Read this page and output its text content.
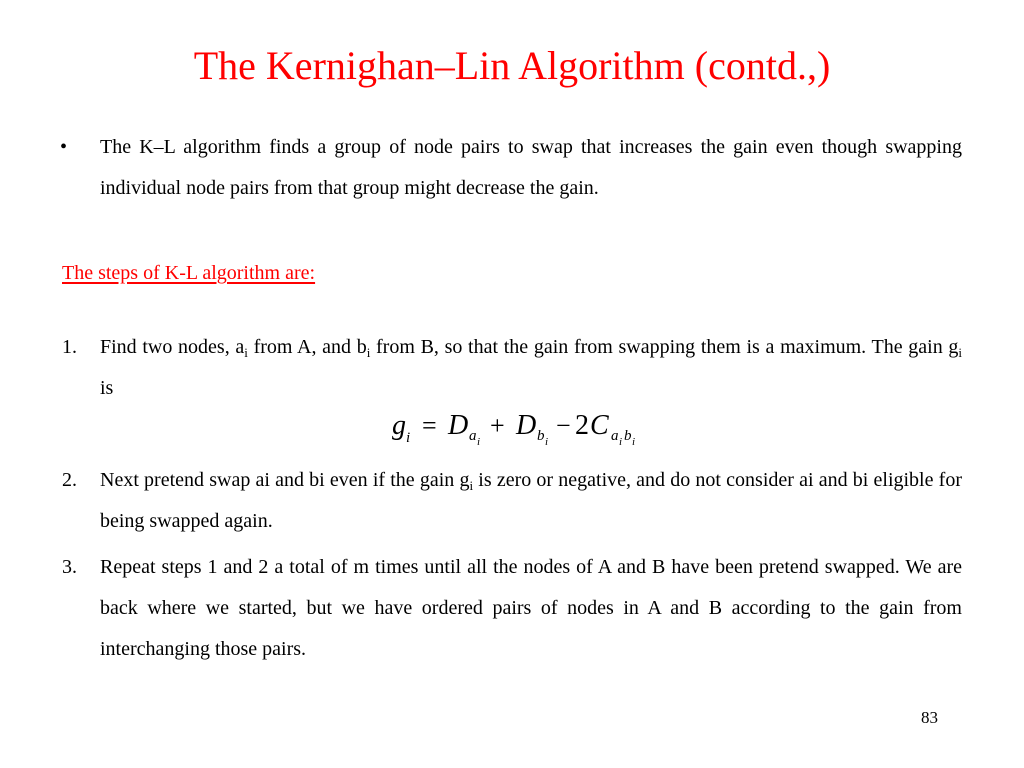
The Kernighan–Lin Algorithm (contd.,)
• The K–L algorithm finds a group of node pairs to swap that increases the gain even though swapping individual node pairs from that group might decrease the gain.
The steps of K-L algorithm are:
1. Find two nodes, $a_i$ from A, and $b_i$ from B, so that the gain from swapping them is a maximum. The gain $g_i$ is
g i = D a i
+ D b i
− 2 C a i b i
2. Next pretend swap ai and bi even if the gain $g_i$ is zero or negative, and do not consider ai and bi eligible for being swapped again.
3. Repeat steps 1 and 2 a total of m times until all the nodes of A and B have been pretend swapped. We are back where we started, but we have ordered pairs of nodes in A and B according to the gain from interchanging those pairs.
83
